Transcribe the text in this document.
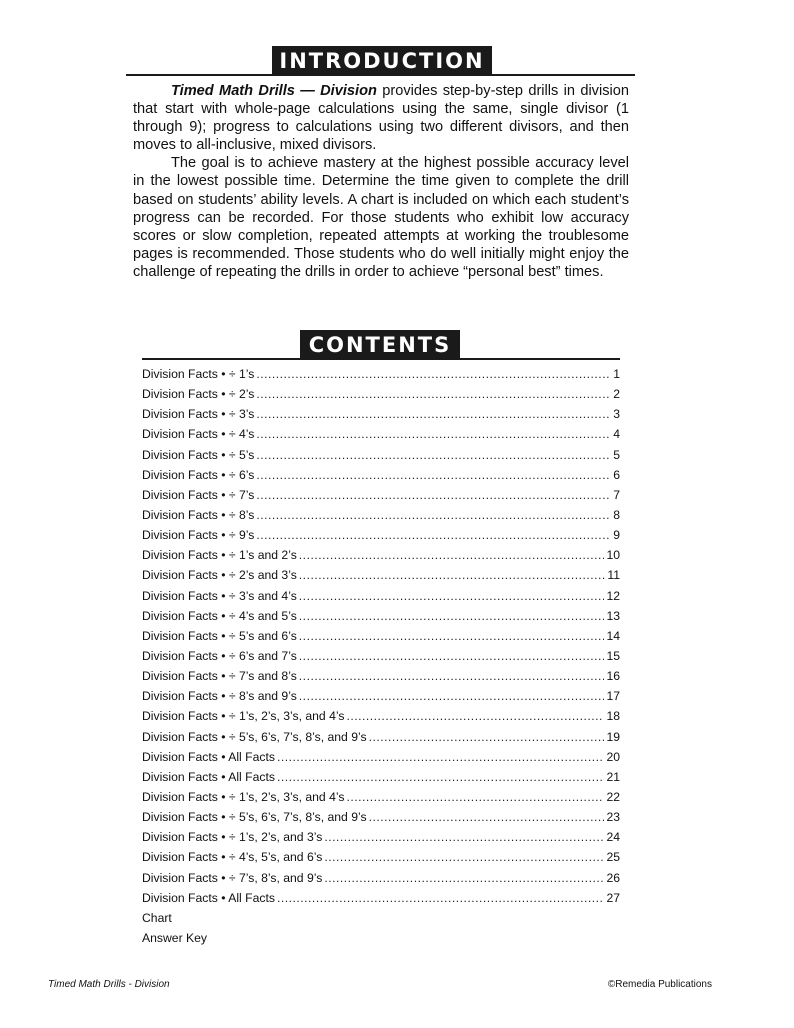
INTRODUCTION

Timed Math Drills — Division provides step-by-step drills in division that start with whole-page calculations using the same, single divisor (1 through 9); progress to calculations using two different divisors, and then moves to all-inclusive, mixed divisors.

The goal is to achieve mastery at the highest possible accuracy level in the lowest possible time. Determine the time given to complete the drill based on students’ ability levels. A chart is included on which each student’s progress can be recorded. For those students who exhibit low accuracy scores or slow completion, repeated attempts at working the troublesome pages is recommended. Those students who do well initially might enjoy the challenge of repeating the drills in order to achieve “personal best” times.

CONTENTS
Division Facts • ÷ 1’s .....	1
Division Facts • ÷ 2’s .....	2
Division Facts • ÷ 3’s .....	3
Division Facts • ÷ 4’s .....	4
Division Facts • ÷ 5’s .....	5
Division Facts • ÷ 6’s .....	6
Division Facts • ÷ 7’s .....	7
Division Facts • ÷ 8’s .....	8
Division Facts • ÷ 9’s .....	9
Division Facts • ÷ 1’s and 2’s .....	10
Division Facts • ÷ 2’s and 3’s .....	11
Division Facts • ÷ 3’s and 4’s .....	12
Division Facts • ÷ 4’s and 5’s .....	13
Division Facts • ÷ 5’s and 6’s .....	14
Division Facts • ÷ 6’s and 7’s .....	15
Division Facts • ÷ 7’s and 8’s .....	16
Division Facts • ÷ 8’s and 9’s .....	17
Division Facts • ÷ 1’s, 2’s, 3’s, and 4’s .....	18
Division Facts • ÷ 5’s, 6’s, 7’s, 8’s, and 9’s .....	19
Division Facts • All Facts .....	20
Division Facts • All Facts .....	21
Division Facts • ÷ 1’s, 2’s, 3’s, and 4’s .....	22
Division Facts • ÷ 5’s, 6’s, 7’s, 8’s, and 9’s .....	23
Division Facts • ÷ 1’s, 2’s, and 3’s .....	24
Division Facts • ÷ 4’s, 5’s, and 6’s .....	25
Division Facts • ÷ 7’s, 8’s, and 9’s .....	26
Division Facts • All Facts .....	27
Chart
Answer Key
Timed Math Drills - Division	©Remedia Publications
